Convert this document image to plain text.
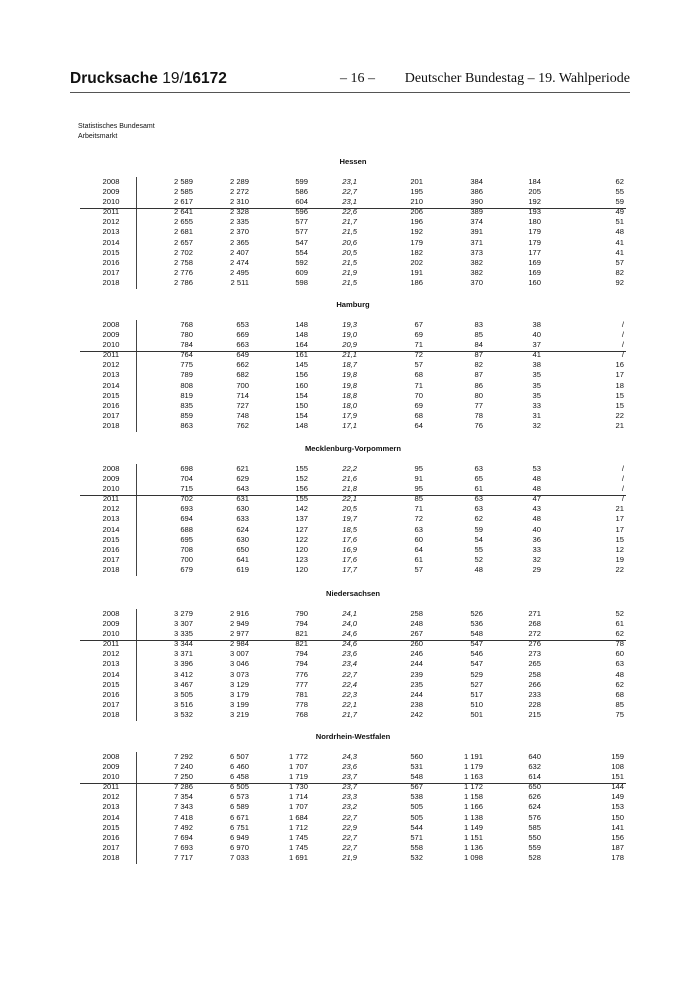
Drucksache 19/16172	– 16 – Deutscher Bundestag – 19. Wahlperiode
Statistisches Bundesamt
Arbeitsmarkt
Hessen
2008	2 589	2 289	599	23,1	201	384	184	62
2009	2 585	2 272	586	22,7	195	386	205	55
2010	2 617	2 310	604	23,1	210	390	192	59
2011	2 641	2 328	596	22,6	206	389	193	49
2012	2 655	2 335	577	21,7	196	374	180	51
2013	2 681	2 370	577	21,5	192	391	179	48
2014	2 657	2 365	547	20,6	179	371	179	41
2015	2 702	2 407	554	20,5	182	373	177	41
2016	2 758	2 474	592	21,5	202	382	169	57
2017	2 776	2 495	609	21,9	191	382	169	82
2018	2 786	2 511	598	21,5	186	370	160	92
Hamburg
2008	768	653	148	19,3	67	83	38	/
2009	780	669	148	19,0	69	85	40	/
2010	784	663	164	20,9	71	84	37	/
2011	764	649	161	21,1	72	87	41	/
2012	775	662	145	18,7	57	82	38	16
2013	789	682	156	19,8	68	87	35	17
2014	808	700	160	19,8	71	86	35	18
2015	819	714	154	18,8	70	80	35	15
2016	835	727	150	18,0	69	77	33	15
2017	859	748	154	17,9	68	78	31	22
2018	863	762	148	17,1	64	76	32	21
Mecklenburg-Vorpommern
2008	698	621	155	22,2	95	63	53	/
2009	704	629	152	21,6	91	65	48	/
2010	715	643	156	21,8	95	61	48	/
2011	702	631	155	22,1	85	63	47	/
2012	693	630	142	20,5	71	63	43	21
2013	694	633	137	19,7	72	62	48	17
2014	688	624	127	18,5	63	59	40	17
2015	695	630	122	17,6	60	54	36	15
2016	708	650	120	16,9	64	55	33	12
2017	700	641	123	17,6	61	52	32	19
2018	679	619	120	17,7	57	48	29	22
Niedersachsen
2008	3 279	2 916	790	24,1	258	526	271	52
2009	3 307	2 949	794	24,0	248	536	268	61
2010	3 335	2 977	821	24,6	267	548	272	62
2011	3 344	2 984	821	24,6	260	547	276	78
2012	3 371	3 007	794	23,6	246	546	273	60
2013	3 396	3 046	794	23,4	244	547	265	63
2014	3 412	3 073	776	22,7	239	529	258	48
2015	3 467	3 129	777	22,4	235	527	266	62
2016	3 505	3 179	781	22,3	244	517	233	68
2017	3 516	3 199	778	22,1	238	510	228	85
2018	3 532	3 219	768	21,7	242	501	215	75
Nordrhein-Westfalen
2008	7 292	6 507	1 772	24,3	560	1 191	640	159
2009	7 240	6 460	1 707	23,6	531	1 179	632	108
2010	7 250	6 458	1 719	23,7	548	1 163	614	151
2011	7 286	6 505	1 730	23,7	567	1 172	650	144
2012	7 354	6 573	1 714	23,3	538	1 158	626	149
2013	7 343	6 589	1 707	23,2	505	1 166	624	153
2014	7 418	6 671	1 684	22,7	505	1 138	576	150
2015	7 492	6 751	1 712	22,9	544	1 149	585	141
2016	7 694	6 949	1 745	22,7	571	1 151	550	156
2017	7 693	6 970	1 745	22,7	558	1 136	559	187
2018	7 717	7 033	1 691	21,9	532	1 098	528	178
